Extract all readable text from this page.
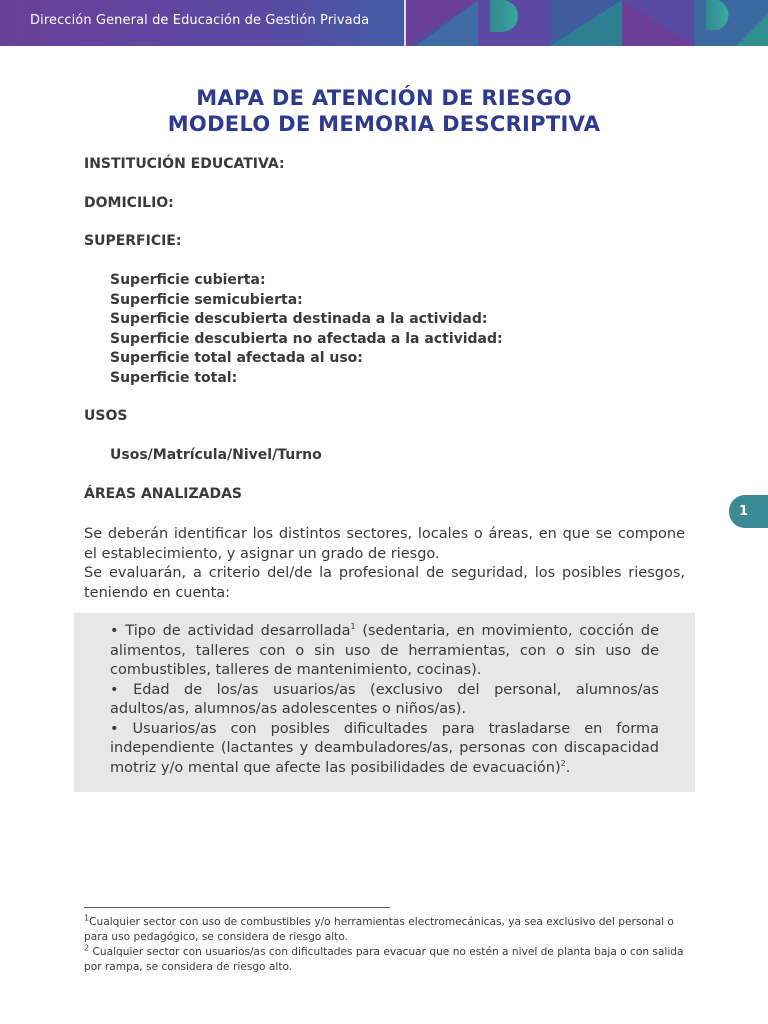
Dirección General de Educación de Gestión Privada
MAPA DE ATENCIÓN DE RIESGO
MODELO DE MEMORIA DESCRIPTIVA
INSTITUCIÓN EDUCATIVA:
DOMICILIO:
SUPERFICIE:
Superficie cubierta:
Superficie semicubierta:
Superficie descubierta destinada a la actividad:
Superficie descubierta no afectada a la actividad:
Superficie total afectada al uso:
Superficie total:
USOS
Usos/Matrícula/Nivel/Turno
ÁREAS ANALIZADAS
Se deberán identificar los distintos sectores, locales o áreas, en que se compone el establecimiento, y asignar un grado de riesgo.
Se evaluarán, a criterio del/de la profesional de seguridad, los posibles riesgos, teniendo en cuenta:

• Tipo de actividad desarrollada$^1$ (sedentaria, en movimiento, cocción de alimentos, talleres con o sin uso de herramientas, con o sin uso de combustibles, talleres de mantenimiento, cocinas).

• Edad de los/as usuarios/as (exclusivo del personal, alumnos/as adultos/as, alumnos/as adolescentes o niños/as).

• Usuarios/as con posibles dificultades para trasladarse en forma independiente (lactantes y deambuladores/as, personas con discapacidad motriz y/o mental que afecte las posibilidades de evacuación)$^2$.

1

$^1$Cualquier sector con uso de combustibles y/o herramientas electromecánicas, ya sea exclusivo del personal o para uso pedagógico, se considera de riesgo alto.

$^2$ Cualquier sector con usuarios/as con dificultades para evacuar que no estén a nivel de planta baja o con salida por rampa, se considera de riesgo alto.
